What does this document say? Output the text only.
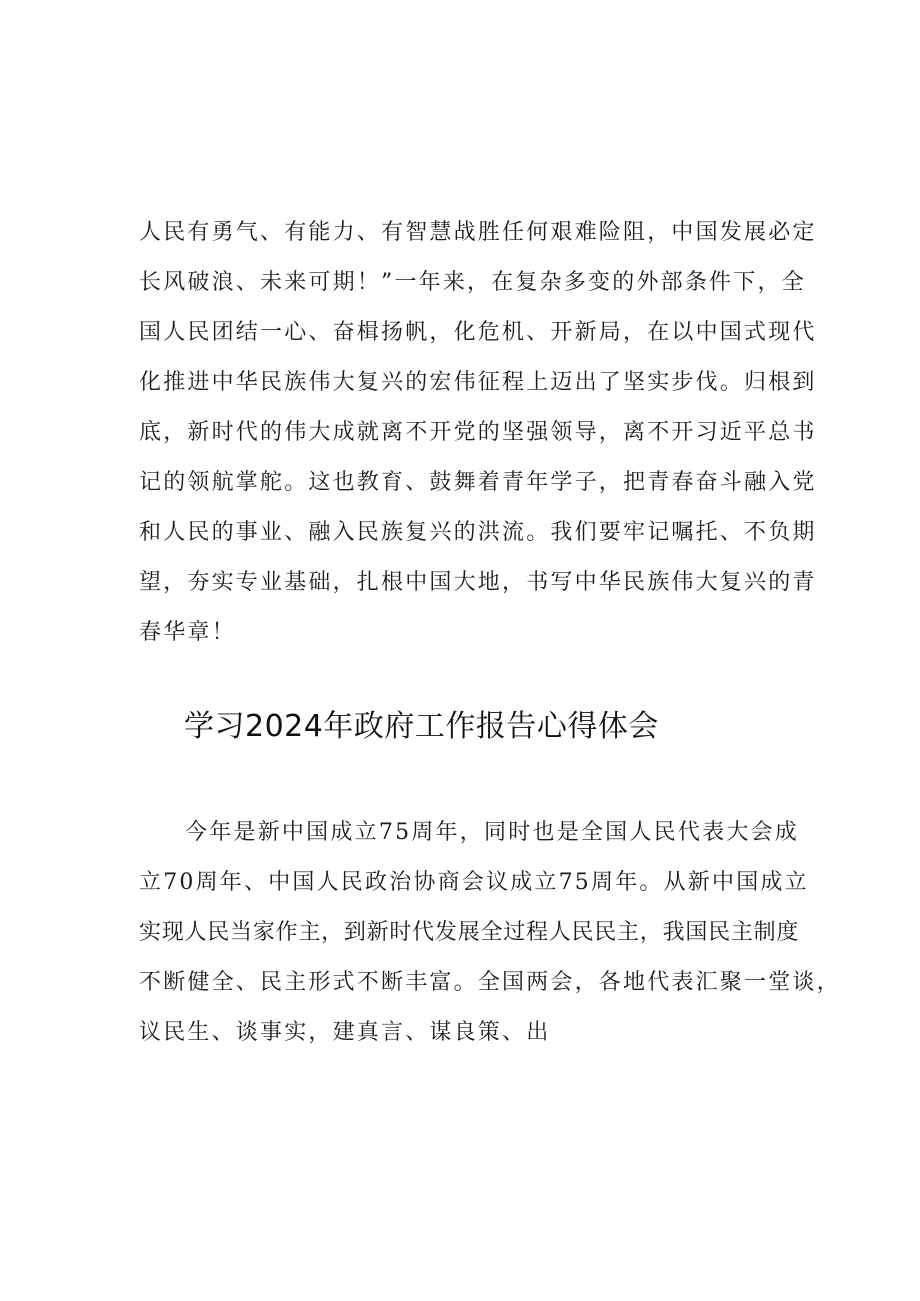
人民有勇气、有能力、有智慧战胜任何艰难险阻，中国发展必定
长风破浪、未来可期！”一年来，在复杂多变的外部条件下，全
国人民团结一心、奋楫扬帆，化危机、开新局，在以中国式现代
化推进中华民族伟大复兴的宏伟征程上迈出了坚实步伐。归根到
底，新时代的伟大成就离不开党的坚强领导，离不开习近平总书
记的领航掌舵。这也教育、鼓舞着青年学子，把青春奋斗融入党
和人民的事业、融入民族复兴的洪流。我们要牢记嘱托、不负期
望，夯实专业基础，扎根中国大地，书写中华民族伟大复兴的青
春华章！
学习2024年政府工作报告心得体会
今年是新中国成立75周年，同时也是全国人民代表大会成
立70周年、中国人民政治协商会议成立75周年。从新中国成立
实现人民当家作主，到新时代发展全过程人民民主，我国民主制度
不断健全、民主形式不断丰富。全国两会，各地代表汇聚一堂谈，
议民生、谈事实，建真言、谋良策、出
